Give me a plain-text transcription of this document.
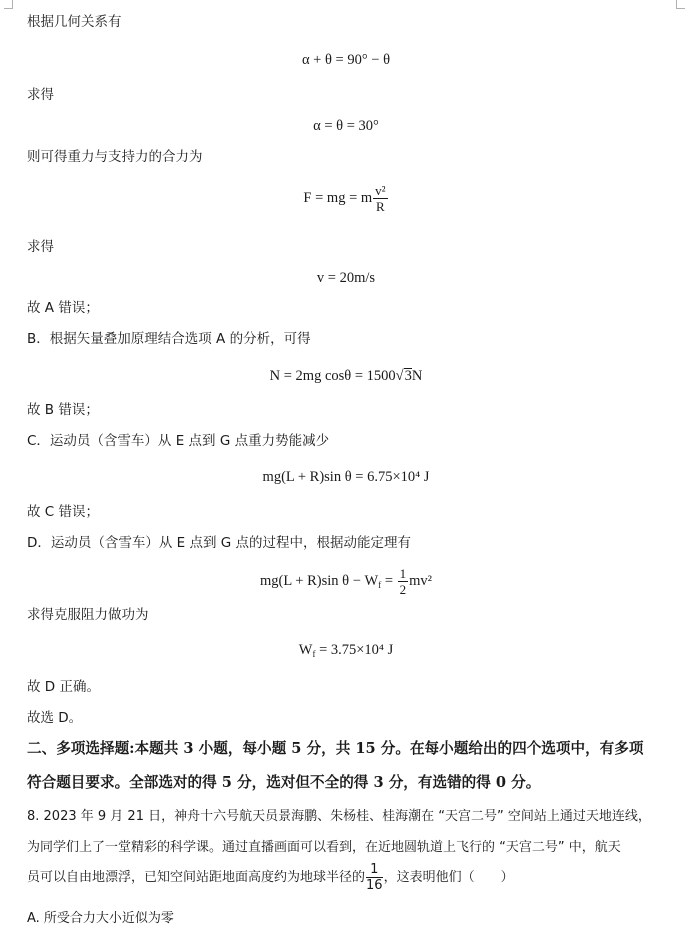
根据几何关系有
α + θ = 90° − θ
求得
α = θ = 30°
则可得重力与支持力的合力为
F = mg = m $\frac{\text{v²}}{R}$
求得
v = 20m/s
故 A 错误；
B．根据矢量叠加原理结合选项 A 的分析，可得
N = 2mg cosθ = 1500√3N
故 B 错误；
C．运动员（含雪车）从 E 点到 G 点重力势能减少
mg(L + R)sin θ = 6.75×10⁴ J
故 C 错误；
D．运动员（含雪车）从 E 点到 G 点的过程中，根据动能定理有
mg(L + R)sin $\theta - W_f = \frac{1}{2} mv^2$
求得克服阻力做功为
$W_f = 3.75\times 10^4$ J
故 D 正确。
故选 D。
二、多项选择题:本题共 3 小题，每小题 5 分，共 15 分。在每小题给出的四个选项中，有多项
符合题目要求。全部选对的得 5 分，选对但不全的得 3 分，有选错的得 0 分。
8. 2023 年 9 月 21 日，神舟十六号航天员景海鹏、朱杨桂、桂海潮在 “天宫二号” 空间站上通过天地连线，
为同学们上了一堂精彩的科学课。通过直播画面可以看到，在近地圆轨道上飞行的 “天宫二号” 中，航天
员可以自由地漂浮，已知空间站距地面高度约为地球半径的 $\frac{1}{16}$ ，这表明他们（　　）
A. 所受合力大小近似为零
